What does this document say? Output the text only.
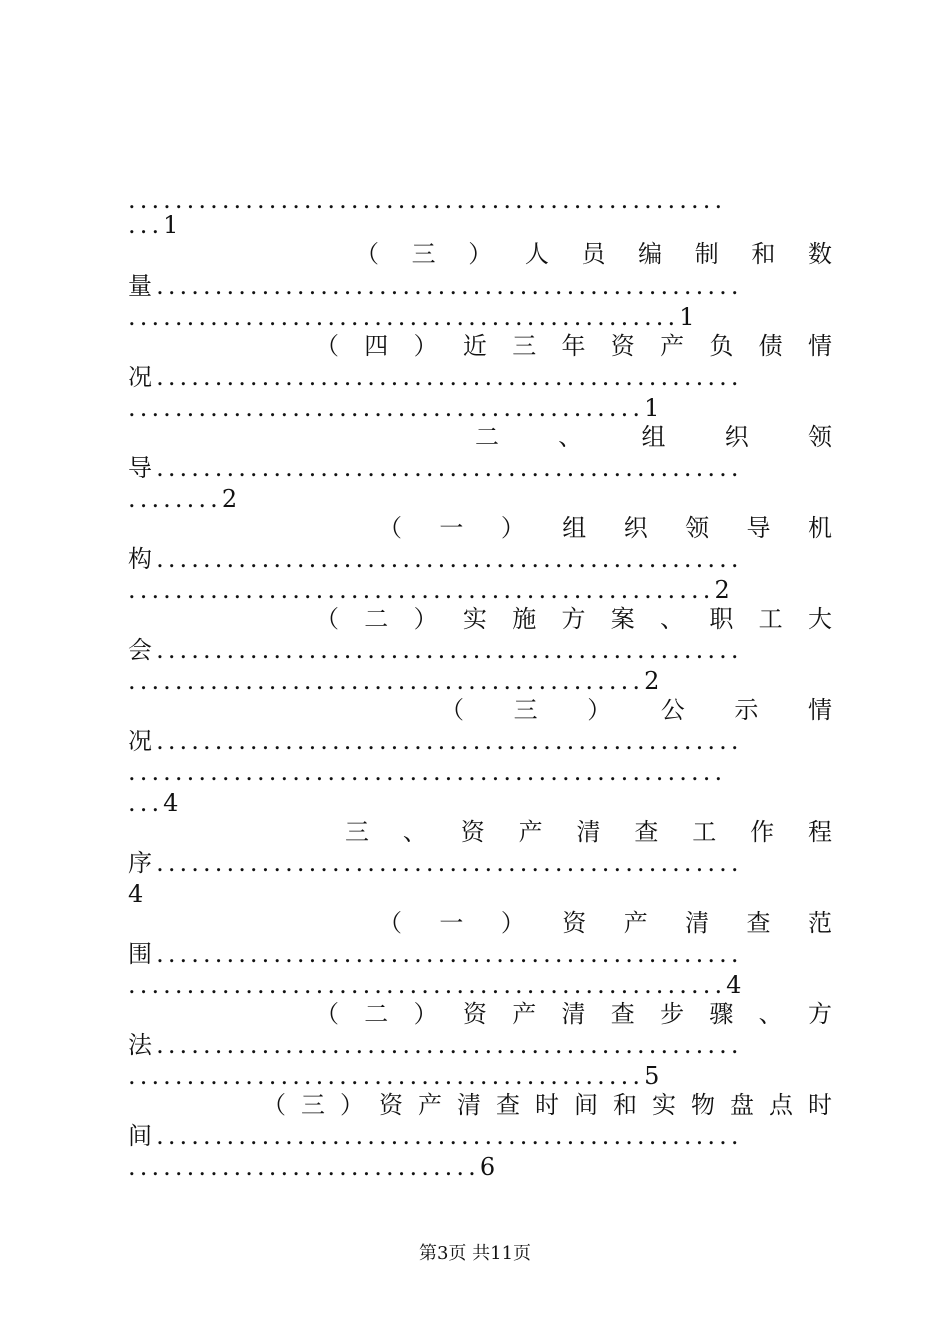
...................................................
...1
（ 三 ） 人 员 编 制 和 数
量..................................................
...............................................1
（ 四 ） 近 三 年 资 产 负 债 情
况..................................................
............................................1
二 、 组 织 领
导..................................................
........2
（ 一 ） 组 织 领 导 机
构..................................................
..................................................2
（ 二 ） 实 施 方 案 、 职 工 大
会..................................................
............................................2
（ 三 ） 公 示 情
况..................................................
...................................................
...4
三 、 资 产 清 查 工 作 程
序..................................................
4
（ 一 ） 资 产 清 查 范
围..................................................
...................................................4
（ 二 ） 资 产 清 查 步 骤 、 方
法..................................................
............................................5
（ 三 ） 资 产 清 查 时 间 和 实 物 盘 点 时
间..................................................
..............................6
第3页 共11页
